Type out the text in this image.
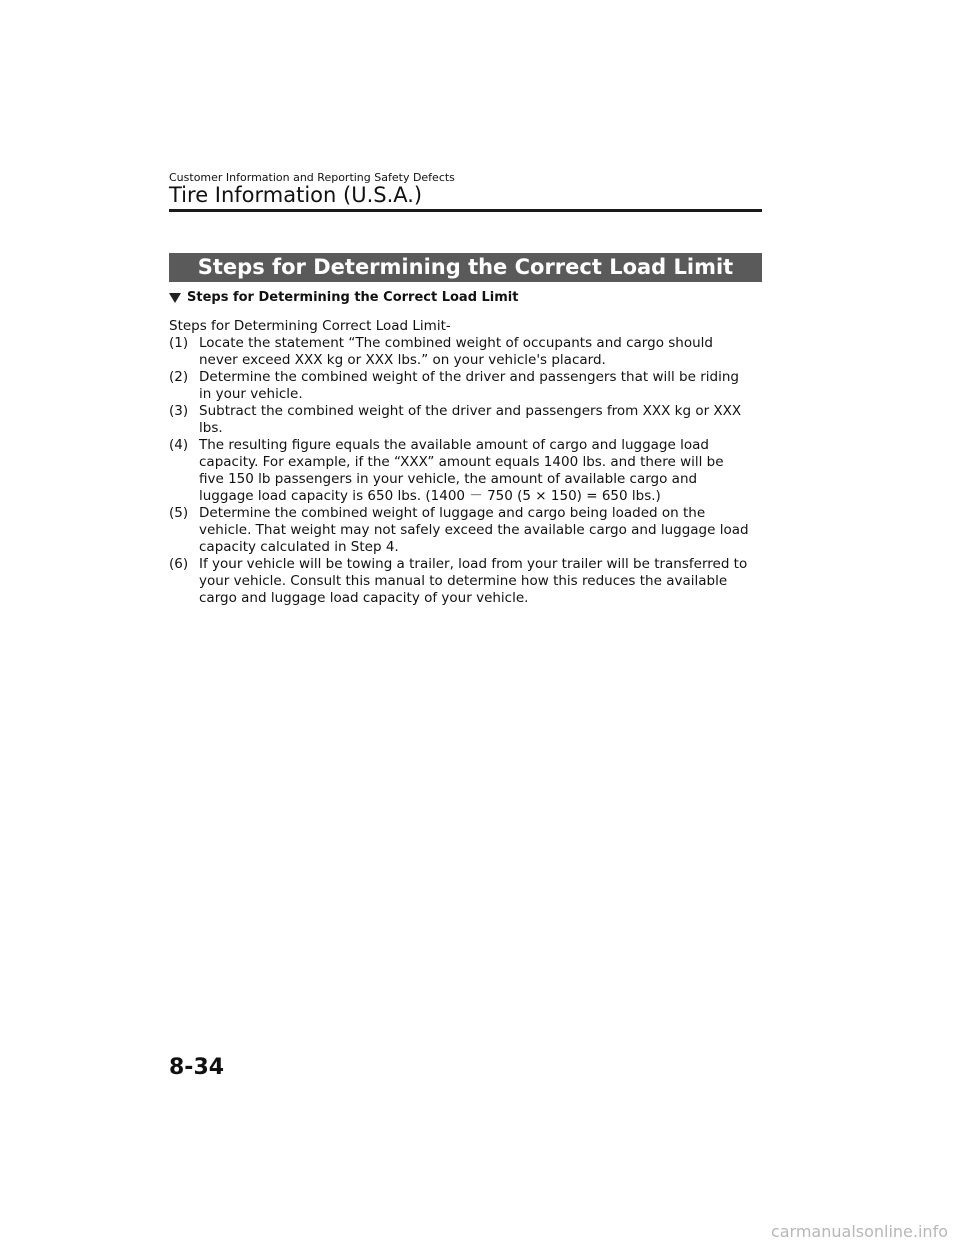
Customer Information and Reporting Safety Defects
Tire Information (U.S.A.)
Steps for Determining the Correct Load Limit
Steps for Determining the Correct Load Limit

Steps for Determining Correct Load Limit-

(1) Locate the statement “The combined weight of occupants and cargo should
never exceed XXX kg or XXX lbs.” on your vehicle's placard.
(2) Determine the combined weight of the driver and passengers that will be riding
in your vehicle.
(3) Subtract the combined weight of the driver and passengers from XXX kg or XXX
lbs.
(4) The resulting figure equals the available amount of cargo and luggage load
capacity. For example, if the “XXX” amount equals 1400 lbs. and there will be
five 150 lb passengers in your vehicle, the amount of available cargo and
luggage load capacity is 650 lbs. (1400 － 750 (5 × 150) = 650 lbs.)
(5) Determine the combined weight of luggage and cargo being loaded on the
vehicle. That weight may not safely exceed the available cargo and luggage load
capacity calculated in Step 4.
(6) If your vehicle will be towing a trailer, load from your trailer will be transferred to
your vehicle. Consult this manual to determine how this reduces the available
cargo and luggage load capacity of your vehicle.
8-34
carmanualsonline.info
